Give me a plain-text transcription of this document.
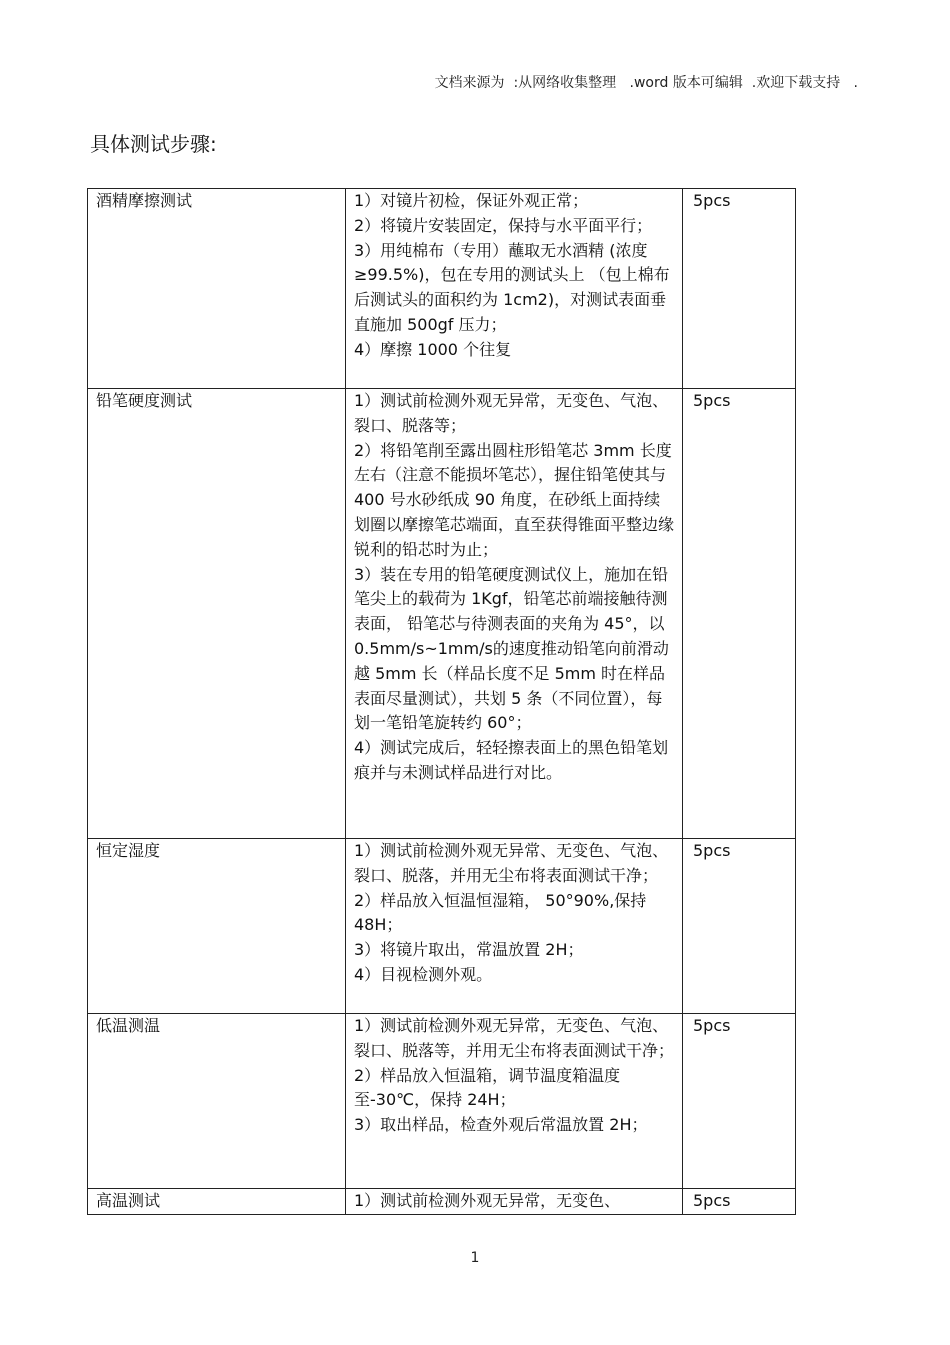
文档来源为  :从网络收集整理   .word 版本可编辑  .欢迎下载支持   .
具体测试步骤:
酒精摩擦测试	1）对镜片初检，保证外观正常；
2）将镜片安装固定，保持与水平面平行；
3）用纯棉布（专用）蘸取无水酒精 (浓度≥99.5%)，包在专用的测试头上 （包上棉布后测试头的面积约为 1cm2)，对测试表面垂直施加 500gf 压力；
4）摩擦 1000 个往复	5pcs
铅笔硬度测试	1）测试前检测外观无异常，无变色、气泡、裂口、脱落等；
2）将铅笔削至露出圆柱形铅笔芯 3mm 长度左右（注意不能损坏笔芯），握住铅笔使其与 400 号水砂纸成 90 角度，在砂纸上面持续划圈以摩擦笔芯端面，直至获得锥面平整边缘锐利的铅芯时为止；
3）装在专用的铅笔硬度测试仪上，施加在铅笔尖上的载荷为 1Kgf，铅笔芯前端接触待测表面， 铅笔芯与待测表面的夹角为 45°，以 0.5mm/s~1mm/s的速度推动铅笔向前滑动越 5mm 长（样品长度不足 5mm 时在样品表面尽量测试），共划 5 条（不同位置），每划一笔铅笔旋转约 60°；
4）测试完成后，轻轻擦表面上的黑色铅笔划痕并与未测试样品进行对比。	5pcs
恒定湿度	1）测试前检测外观无异常、无变色、气泡、裂口、脱落，并用无尘布将表面测试干净；
2）样品放入恒温恒湿箱， 50°90%,保持 48H；
3）将镜片取出，常温放置 2H；
4）目视检测外观。	5pcs
低温测温	1）测试前检测外观无异常，无变色、气泡、裂口、脱落等，并用无尘布将表面测试干净；
2）样品放入恒温箱，调节温度箱温度至-30℃，保持 24H；
3）取出样品，检查外观后常温放置 2H；	5pcs
高温测试	1）测试前检测外观无异常，无变色、	5pcs
1
